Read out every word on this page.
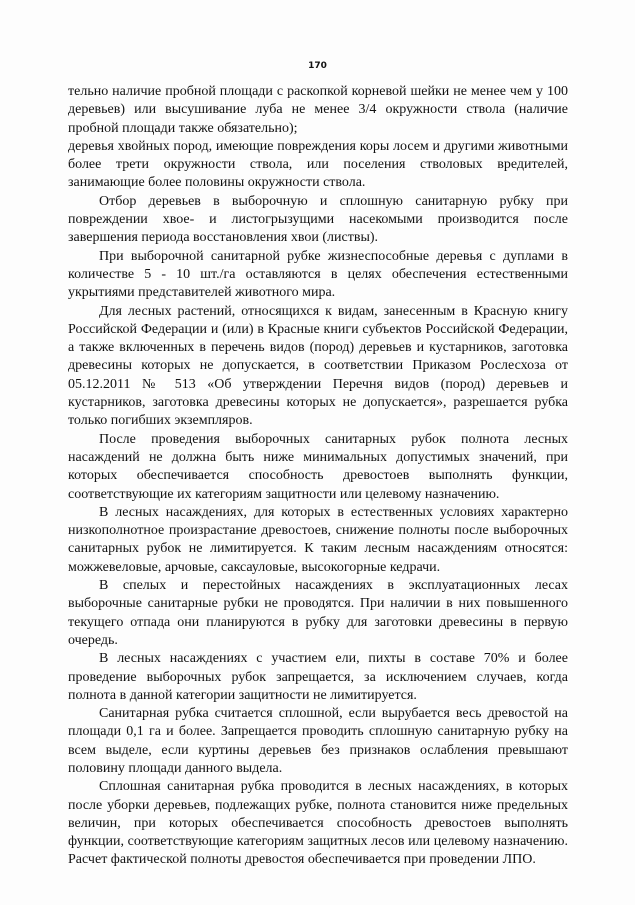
170

тельно наличие пробной площади с раскопкой корневой шейки не менее чем у 100 деревьев) или высушивание луба не менее 3/4 окружности ствола (наличие пробной площади также обязательно);

деревья хвойных пород, имеющие повреждения коры лосем и другими животными более трети окружности ствола, или поселения стволовых вредителей, занимающие более половины окружности ствола.

Отбор деревьев в выборочную и сплошную санитарную рубку при повреждении хвое- и листогрызущими насекомыми производится после завершения периода восстановления хвои (листвы).

При выборочной санитарной рубке жизнеспособные деревья с дуплами в количестве 5 - 10 шт./га оставляются в целях обеспечения естественными укрытиями представителей животного мира.

Для лесных растений, относящихся к видам, занесенным в Красную книгу Российской Федерации и (или) в Красные книги субъектов Российской Федерации, а также включенных в перечень видов (пород) деревьев и кустарников, заготовка древесины которых не допускается, в соответствии Приказом Рослесхоза от 05.12.2011 № 513 «Об утверждении Перечня видов (пород) деревьев и кустарников, заготовка древесины которых не допускается», разрешается рубка только погибших экземпляров.

После проведения выборочных санитарных рубок полнота лесных насаждений не должна быть ниже минимальных допустимых значений, при которых обеспечивается способность древостоев выполнять функции, соответствующие их категориям защитности или целевому назначению.

В лесных насаждениях, для которых в естественных условиях характерно низкополнотное произрастание древостоев, снижение полноты после выборочных санитарных рубок не лимитируется. К таким лесным насаждениям относятся: можжевеловые, арчовые, саксауловые, высокогорные кедрачи.

В спелых и перестойных насаждениях в эксплуатационных лесах выборочные санитарные рубки не проводятся. При наличии в них повышенного текущего отпада они планируются в рубку для заготовки древесины в первую очередь.

В лесных насаждениях с участием ели, пихты в составе 70% и более проведение выборочных рубок запрещается, за исключением случаев, когда полнота в данной категории защитности не лимитируется.

Санитарная рубка считается сплошной, если вырубается весь древостой на площади 0,1 га и более. Запрещается проводить сплошную санитарную рубку на всем выделе, если куртины деревьев без признаков ослабления превышают половину площади данного выдела.

Сплошная санитарная рубка проводится в лесных насаждениях, в которых после уборки деревьев, подлежащих рубке, полнота становится ниже предельных величин, при которых обеспечивается способность древостоев выполнять функции, соответствующие категориям защитных лесов или целевому назначению. Расчет фактической полноты древостоя обеспечивается при проведении ЛПО.
